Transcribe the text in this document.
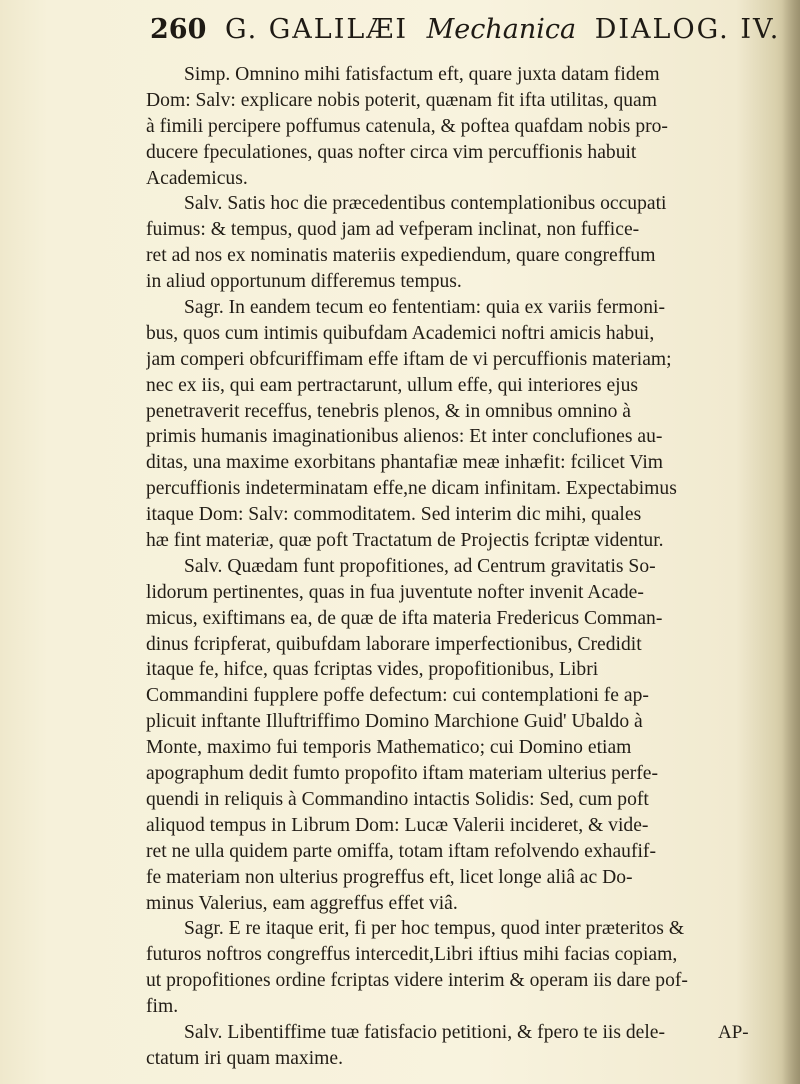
260 G. GALILÆI Mechanica DIALOG. IV.
Simp. Omnino mihi fatisfactum eft, quare juxta datam fidem
Dom: Salv: explicare nobis poterit, quænam fit ifta utilitas, quam
à fimili percipere poffumus catenula, & poftea quafdam nobis pro-
ducere fpeculationes, quas nofter circa vim percuffionis habuit
Academicus.
Salv. Satis hoc die præcedentibus contemplationibus occupati
fuimus: & tempus, quod jam ad vefperam inclinat, non fuffice-
ret ad nos ex nominatis materiis expediendum, quare congreffum
in aliud opportunum differemus tempus.
Sagr. In eandem tecum eo fententiam: quia ex variis fermoni-
bus, quos cum intimis quibufdam Academici noftri amicis habui,
jam comperi obfcuriffimam effe iftam de vi percuffionis materiam;
nec ex iis, qui eam pertractarunt, ullum effe, qui interiores ejus
penetraverit receffus, tenebris plenos, & in omnibus omnino à
primis humanis imaginationibus alienos: Et inter conclufiones au-
ditas, una maxime exorbitans phantafiæ meæ inhæfit: fcilicet Vim
percuffionis indeterminatam effe,ne dicam infinitam. Expectabimus
itaque Dom: Salv: commoditatem. Sed interim dic mihi, quales
hæ fint materiæ, quæ poft Tractatum de Projectis fcriptæ videntur.
Salv. Quædam funt propofitiones, ad Centrum gravitatis So-
lidorum pertinentes, quas in fua juventute nofter invenit Acade-
micus, exiftimans ea, de quæ de ifta materia Fredericus Comman-
dinus fcripferat, quibufdam laborare imperfectionibus, Credidit
itaque fe, hifce, quas fcriptas vides, propofitionibus, Libri
Commandini fupplere poffe defectum: cui contemplationi fe ap-
plicuit inftante Illuftriffimo Domino Marchione Guid' Ubaldo à
Monte, maximo fui temporis Mathematico; cui Domino etiam
apographum dedit fumto propofito iftam materiam ulterius perfe-
quendi in reliquis à Commandino intactis Solidis: Sed, cum poft
aliquod tempus in Librum Dom: Lucæ Valerii incideret, & vide-
ret ne ulla quidem parte omiffa, totam iftam refolvendo exhaufif-
fe materiam non ulterius progreffus eft, licet longe aliâ ac Do-
minus Valerius, eam aggreffus effet viâ.
Sagr. E re itaque erit, fi per hoc tempus, quod inter præteritos &
futuros noftros congreffus intercedit,Libri iftius mihi facias copiam,
ut propofitiones ordine fcriptas videre interim & operam iis dare pof-
fim.
Salv. Libentiffime tuæ fatisfacio petitioni, & fpero te iis dele-
ctatum iri quam maxime.
AP-
